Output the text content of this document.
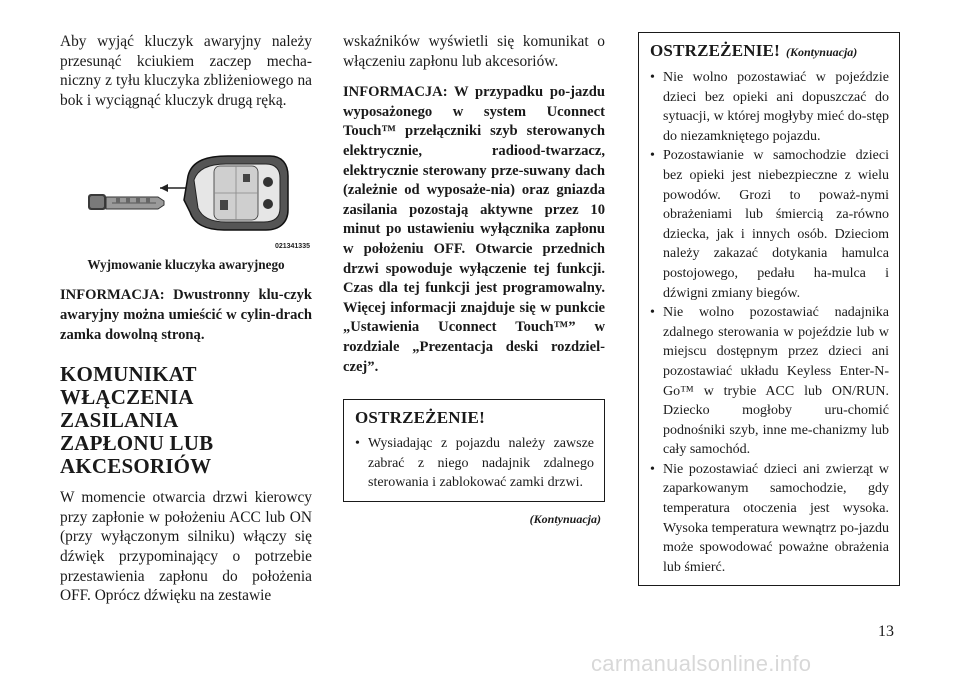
Aby wyjąć kluczyk awaryjny należy przesunąć kciukiem zaczep mecha-niczny z tyłu kluczyka zbliżeniowego na bok i wyciągnąć kluczyk drugą ręką.

021341335

Wyjmowanie kluczyka awaryjnego

INFORMACJA: Dwustronny klu-czyk awaryjny można umieścić w cylin-drach zamka dowolną stroną.

KOMUNIKAT
WŁĄCZENIA ZASILANIA
ZAPŁONU LUB
AKCESORIÓW

W momencie otwarcia drzwi kierowcy przy zapłonie w położeniu ACC lub ON (przy wyłączonym silniku) włączy się dźwięk przypominający o potrzebie przestawienia zapłonu do położenia OFF. Oprócz dźwięku na zestawie

wskaźników wyświetli się komunikat o włączeniu zapłonu lub akcesoriów.

INFORMACJA: W przypadku po-jazdu wyposażonego w system Uconnect Touch™ przełączniki szyb sterowanych elektrycznie, radiood-twarzacz, elektrycznie sterowany prze-suwany dach (zależnie od wyposaże-nia) oraz gniazda zasilania pozostają aktywne przez 10 minut po ustawieniu wyłącznika zapłonu w położeniu OFF. Otwarcie przednich drzwi spowoduje wyłączenie tej funkcji. Czas dla tej funkcji jest programowalny. Więcej informacji znajduje się w punkcie „Ustawienia Uconnect Touch™” w rozdziale „Prezentacja deski rozdziel-czej”.

OSTRZEŻENIE!

• Wysiadając z pojazdu należy zawsze zabrać z niego nadajnik zdalnego sterowania i zablokować zamki drzwi.

(Kontynuacja)

OSTRZEŻENIE! (Kontynuacja)

• Nie wolno pozostawiać w pojeździe dzieci bez opieki ani dopuszczać do sytuacji, w której mogłyby mieć do-stęp do niezamkniętego pojazdu.
• Pozostawianie w samochodzie dzieci bez opieki jest niebezpieczne z wielu powodów. Grozi to poważ-nymi obrażeniami lub śmiercią za-równo dziecka, jak i innych osób. Dzieciom należy zakazać dotykania hamulca postojowego, pedału ha-mulca i dźwigni zmiany biegów.
• Nie wolno pozostawiać nadajnika zdalnego sterowania w pojeździe lub w miejscu dostępnym przez dzieci ani pozostawiać układu Keyless Enter-N-Go™ w trybie ACC lub ON/RUN. Dziecko mogłoby uru-chomić podnośniki szyb, inne me-chanizmy lub cały samochód.
• Nie pozostawiać dzieci ani zwierząt w zaparkowanym samochodzie, gdy temperatura otoczenia jest wysoka. Wysoka temperatura wewnątrz po-jazdu może spowodować poważne obrażenia lub śmierć.
13
carmanualsonline.info
